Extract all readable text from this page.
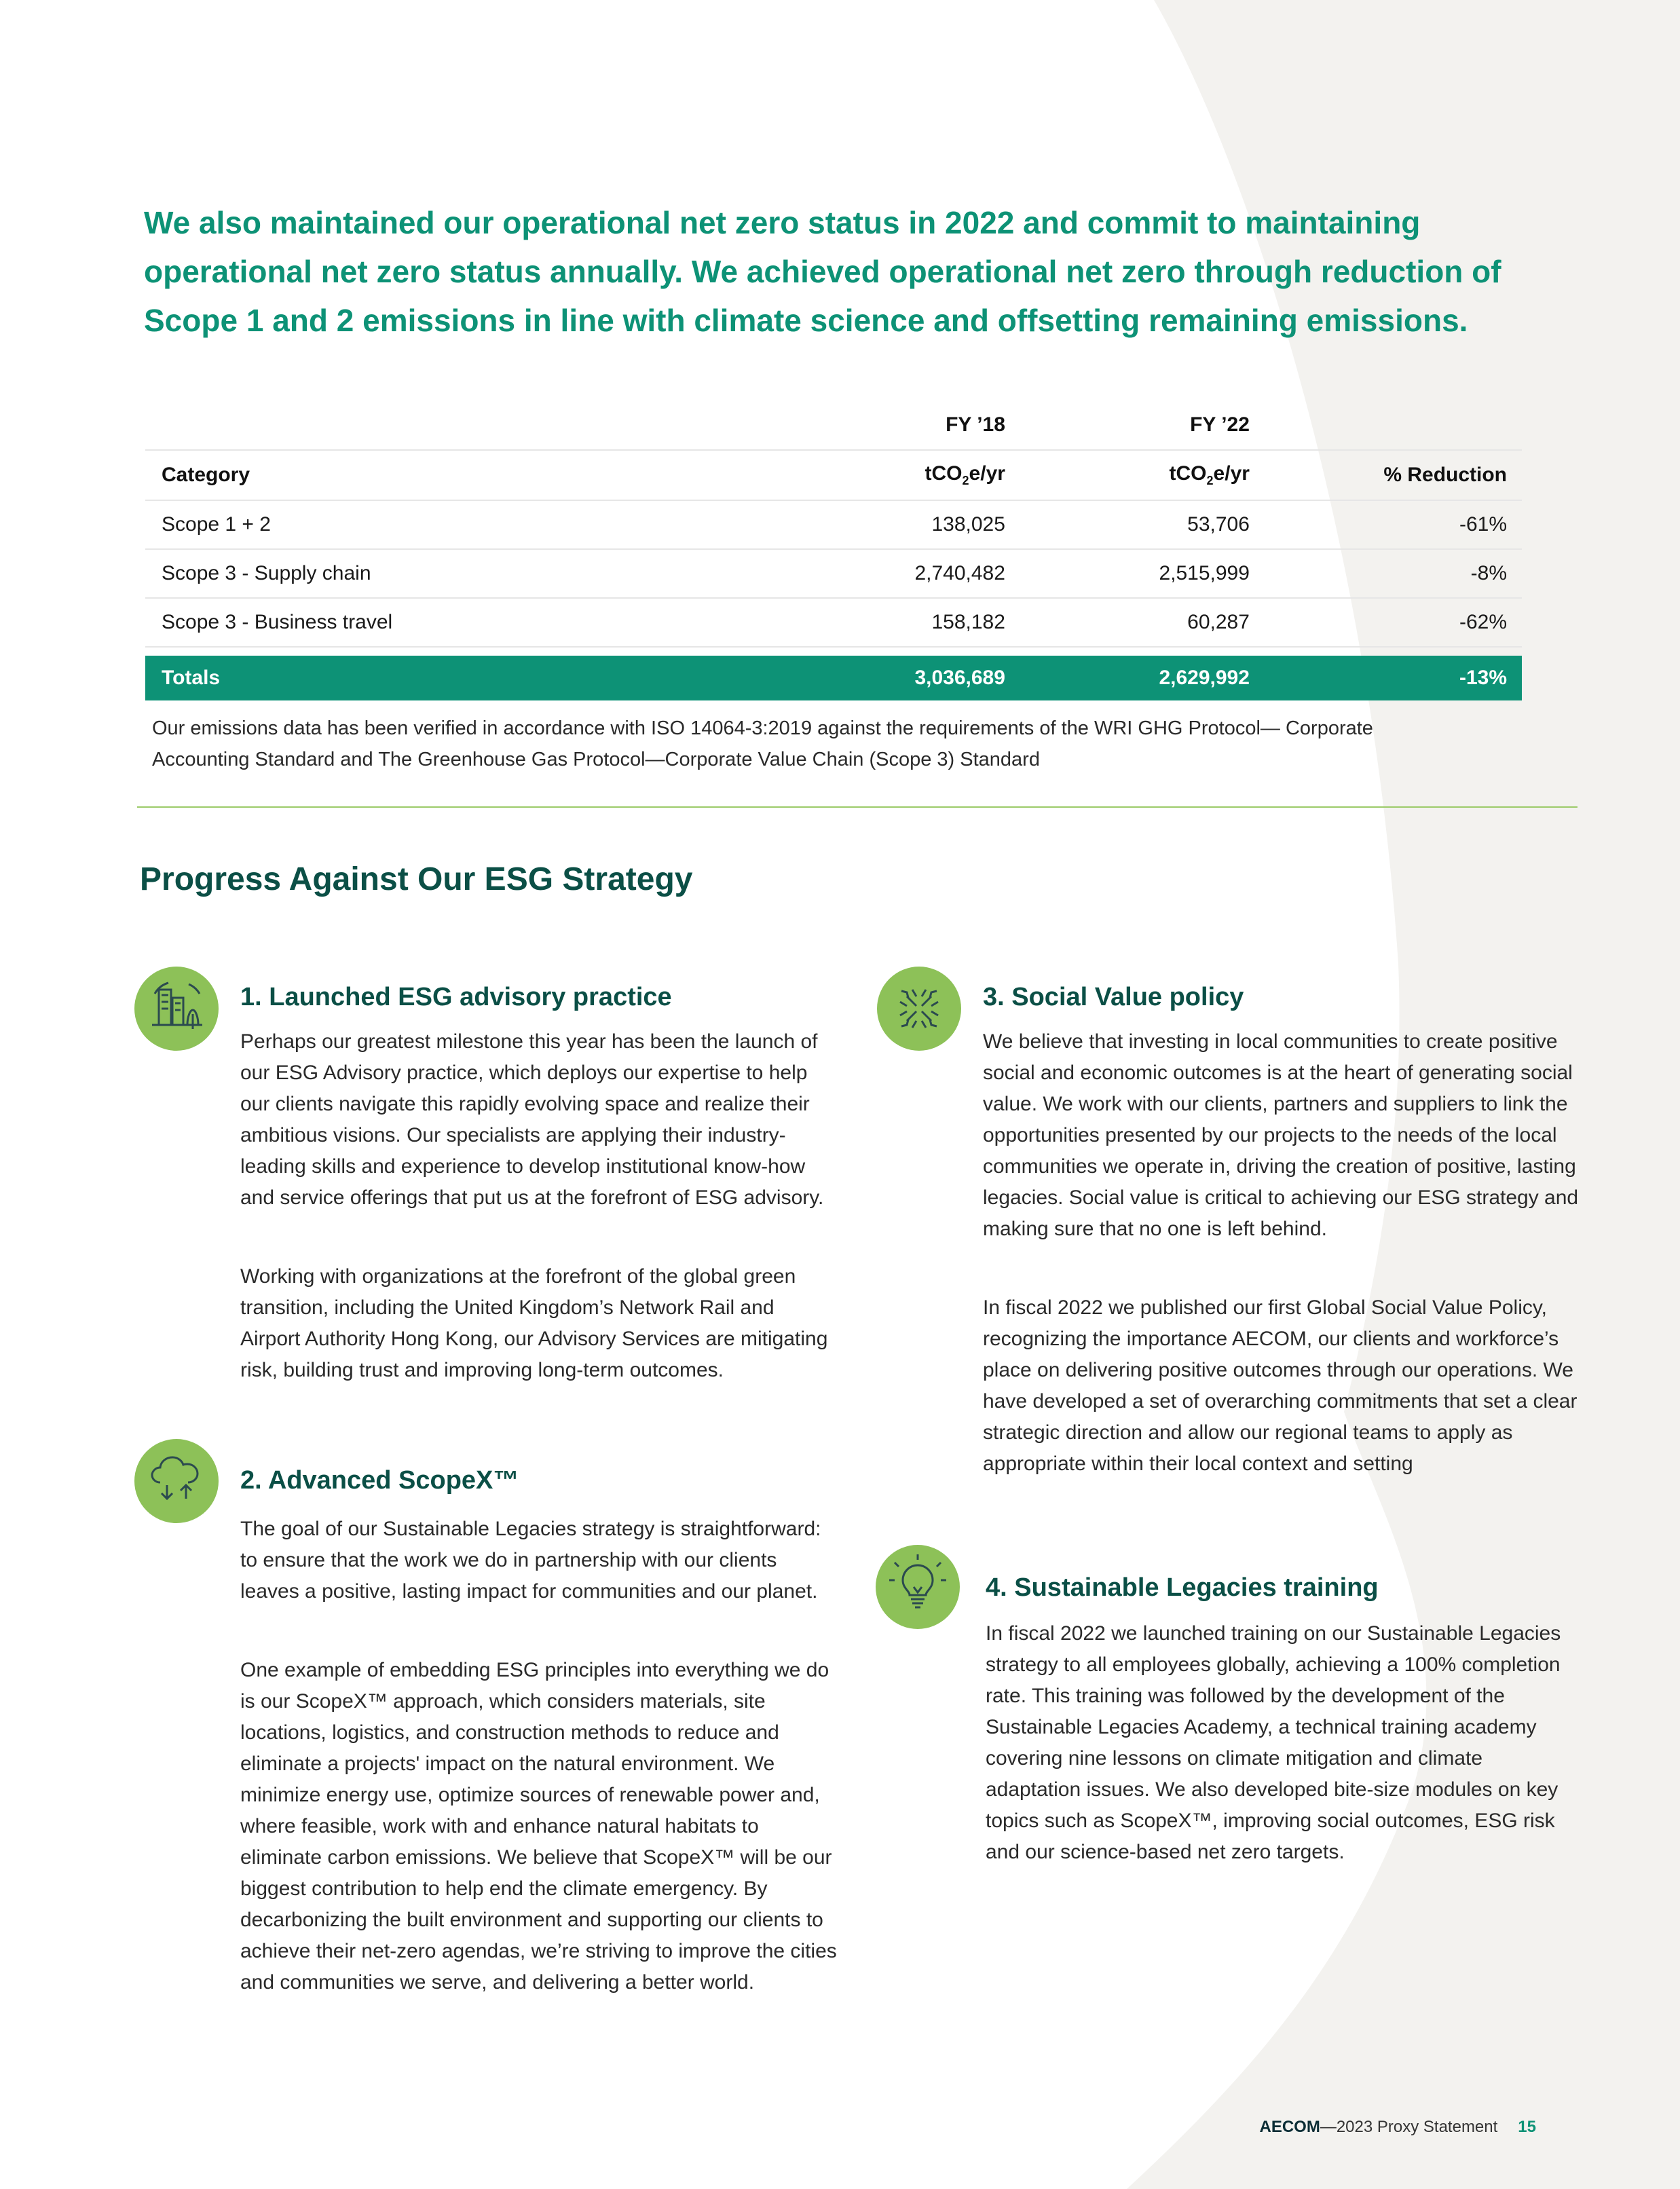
We also maintained our operational net zero status in 2022 and commit to maintaining operational net zero status annually. We achieved operational net zero through reduction of Scope 1 and 2 emissions in line with climate science and offsetting remaining emissions.

	FY ’18	FY ’22	
Category	tCO$_2$e/yr	tCO$_2$e/yr	% Reduction
Scope 1 + 2	138,025	53,706	-61%
Scope 3 - Supply chain	2,740,482	2,515,999	-8%
Scope 3 - Business travel	158,182	60,287	-62%

Totals	3,036,689	2,629,992	-13%

Our emissions data has been verified in accordance with ISO 14064-3:2019 against the requirements of the WRI GHG Protocol— Corporate Accounting Standard and The Greenhouse Gas Protocol—Corporate Value Chain (Scope 3) Standard

Progress Against Our ESG Strategy
1. Launched ESG advisory practice

Perhaps our greatest milestone this year has been the launch of our ESG Advisory practice, which deploys our expertise to help our clients navigate this rapidly evolving space and realize their ambitious visions. Our specialists are applying their industry-leading skills and experience to develop institutional know-how and service offerings that put us at the forefront of ESG advisory.

Working with organizations at the forefront of the global green transition, including the United Kingdom’s Network Rail and Airport Authority Hong Kong, our Advisory Services are mitigating risk, building trust and improving long-term outcomes.

2. Advanced ScopeX™

The goal of our Sustainable Legacies strategy is straightforward: to ensure that the work we do in partnership with our clients leaves a positive, lasting impact for communities and our planet.

One example of embedding ESG principles into everything we do is our ScopeX™ approach, which considers materials, site locations, logistics, and construction methods to reduce and eliminate a projects' impact on the natural environment. We minimize energy use, optimize sources of renewable power and, where feasible, work with and enhance natural habitats to eliminate carbon emissions. We believe that ScopeX™ will be our biggest contribution to help end the climate emergency. By decarbonizing the built environment and supporting our clients to achieve their net-zero agendas, we’re striving to improve the cities and communities we serve, and delivering a better world.

3. Social Value policy

We believe that investing in local communities to create positive social and economic outcomes is at the heart of generating social value. We work with our clients, partners and suppliers to link the opportunities presented by our projects to the needs of the local communities we operate in, driving the creation of positive, lasting legacies. Social value is critical to achieving our ESG strategy and making sure that no one is left behind.

In fiscal 2022 we published our first Global Social Value Policy, recognizing the importance AECOM, our clients and workforce’s place on delivering positive outcomes through our operations. We have developed a set of overarching commitments that set a clear strategic direction and allow our regional teams to apply as appropriate within their local context and setting

4. Sustainable Legacies training

In fiscal 2022 we launched training on our Sustainable Legacies strategy to all employees globally, achieving a 100% completion rate. This training was followed by the development of the Sustainable Legacies Academy, a technical training academy covering nine lessons on climate mitigation and climate adaptation issues. We also developed bite-size modules on key topics such as ScopeX™, improving social outcomes, ESG risk and our science-based net zero targets.

AECOM—2023 Proxy Statement 15
